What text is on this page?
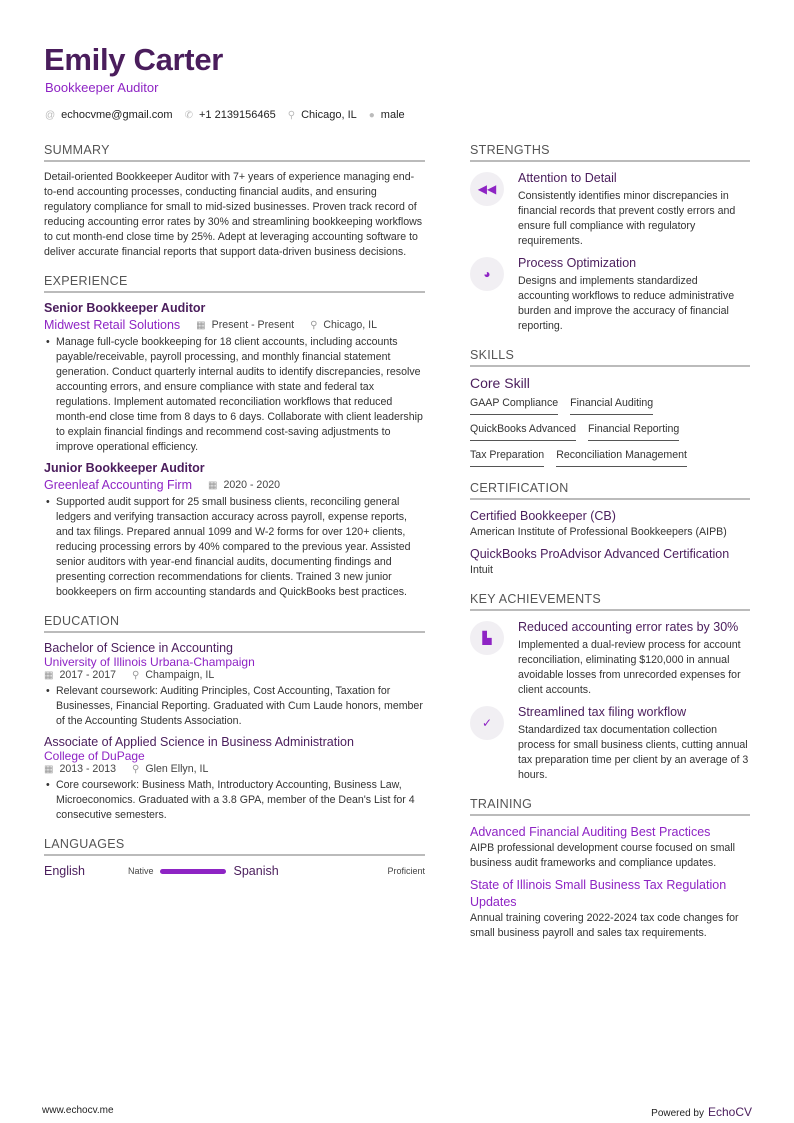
Emily Carter
Bookkeeper Auditor
@ echocvme@gmail.com ✆ +1 2139156465 ⚲ Chicago, IL ● male
SUMMARY
Detail-oriented Bookkeeper Auditor with 7+ years of experience managing end-to-end accounting processes, conducting financial audits, and ensuring regulatory compliance for small to mid-sized businesses. Proven track record of reducing accounting error rates by 30% and streamlining bookkeeping workflows to cut month-end close time by 25%. Adept at leveraging accounting software to deliver accurate financial reports that support data-driven business decisions.
EXPERIENCE
Senior Bookkeeper Auditor
Midwest Retail Solutions ▦ Present - Present ⚲ Chicago, IL
• Manage full-cycle bookkeeping for 18 client accounts, including accounts payable/receivable, payroll processing, and monthly financial statement generation. Conduct quarterly internal audits to identify discrepancies, resolve accounting errors, and ensure compliance with state and federal tax regulations. Implement automated reconciliation workflows that reduced month-end close time from 8 days to 6 days. Collaborate with client leadership to explain financial findings and recommend cost-saving adjustments to improve operational efficiency.
Junior Bookkeeper Auditor
Greenleaf Accounting Firm ▦ 2020 - 2020
• Supported audit support for 25 small business clients, reconciling general ledgers and verifying transaction accuracy across payroll, expense reports, and tax filings. Prepared annual 1099 and W-2 forms for over 120+ clients, reducing processing errors by 40% compared to the previous year. Assisted senior auditors with year-end financial audits, documenting findings and presenting correction recommendations for clients. Trained 3 new junior bookkeepers on firm accounting standards and QuickBooks best practices.
EDUCATION
Bachelor of Science in Accounting
University of Illinois Urbana-Champaign
▦ 2017 - 2017 ⚲ Champaign, IL
• Relevant coursework: Auditing Principles, Cost Accounting, Taxation for Businesses, Financial Reporting. Graduated with Cum Laude honors, member of the Accounting Students Association.
Associate of Applied Science in Business Administration
College of DuPage
▦ 2013 - 2013 ⚲ Glen Ellyn, IL
• Core coursework: Business Math, Introductory Accounting, Business Law, Microeconomics. Graduated with a 3.8 GPA, member of the Dean's List for 4 consecutive semesters.
LANGUAGES
English	Native	Spanish	Proficient
STRENGTHS
◀◀
Attention to Detail
Consistently identifies minor discrepancies in financial records that prevent costly errors and ensure full compliance with regulatory requirements.
◕
Process Optimization
Designs and implements standardized accounting workflows to reduce administrative burden and improve the accuracy of financial reporting.
SKILLS
Core Skill
GAAP Compliance Financial Auditing
QuickBooks Advanced Financial Reporting
Tax Preparation Reconciliation Management
CERTIFICATION
Certified Bookkeeper (CB)
American Institute of Professional Bookkeepers (AIPB)
QuickBooks ProAdvisor Advanced Certification
Intuit
KEY ACHIEVEMENTS
▙
Reduced accounting error rates by 30%
Implemented a dual-review process for account reconciliation, eliminating $120,000 in annual avoidable losses from unrecorded expenses for client accounts.
✓
Streamlined tax filing workflow
Standardized tax documentation collection process for small business clients, cutting annual tax preparation time per client by an average of 3 hours.
TRAINING
Advanced Financial Auditing Best Practices
AIPB professional development course focused on small business audit frameworks and compliance updates.
State of Illinois Small Business Tax Regulation Updates
Annual training covering 2022-2024 tax code changes for small business payroll and sales tax requirements.
www.echocv.me	Powered by EchoCV
